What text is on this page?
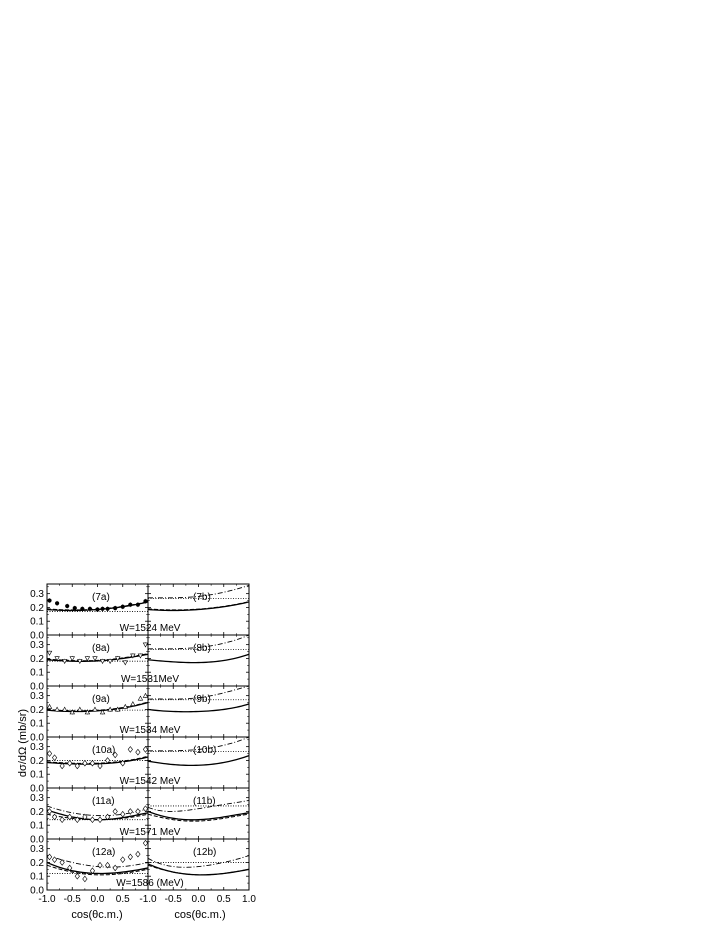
0.0
0.1
0.2
0.3	(7a)
W=1524 MeV
(7b)
0.0
0.1
0.2
0.3	(8a)
W=1531MeV
(8b)
0.0
0.1
0.2
0.3	(9a)
W=1534 MeV
(9b)
0.0
0.1
0.2
0.3	(10a)
W=1542 MeV
(10b)
0.0
0.1
0.2
0.3	(11a)
W=1571 MeV
(11b)
0.0
0.1
0.2
0.3	(12a)
W=1586 (MeV)
(12b)
-1.0 -0.5 0.0 0.5 -1.0 -0.5 0.0 0.5 1.0
dσ/dΩ (mb/sr)
cos(θc.m.)	cos(θc.m.)
